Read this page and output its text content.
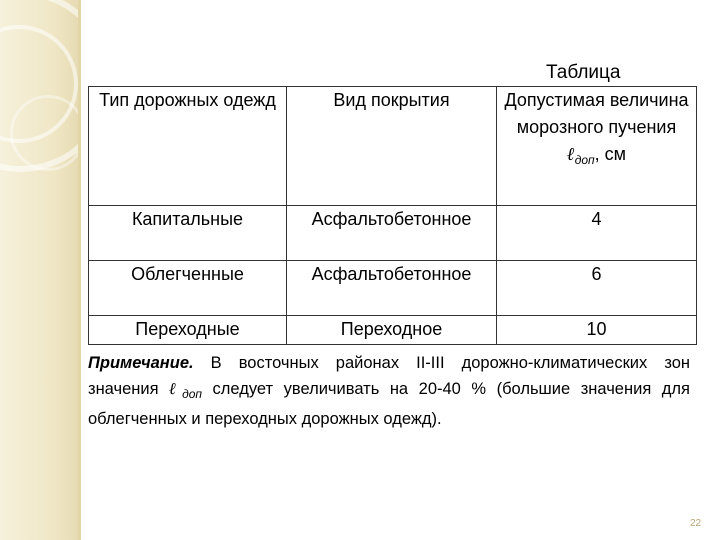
Таблица
Тип дорожных одежд	Вид покрытия	Допустимая величина морозного пучения ℓ$_{доп}$, см
Капитальные	Асфальтобетонное	4
Облегченные	Асфальтобетонное	6
Переходные	Переходное	10
Примечание. В восточных районах II-III дорожно-климатических зон значения ℓ$_{доп}$ следует увеличивать на 20-40 % (большие значения для облегченных и переходных дорожных одежд).
22
